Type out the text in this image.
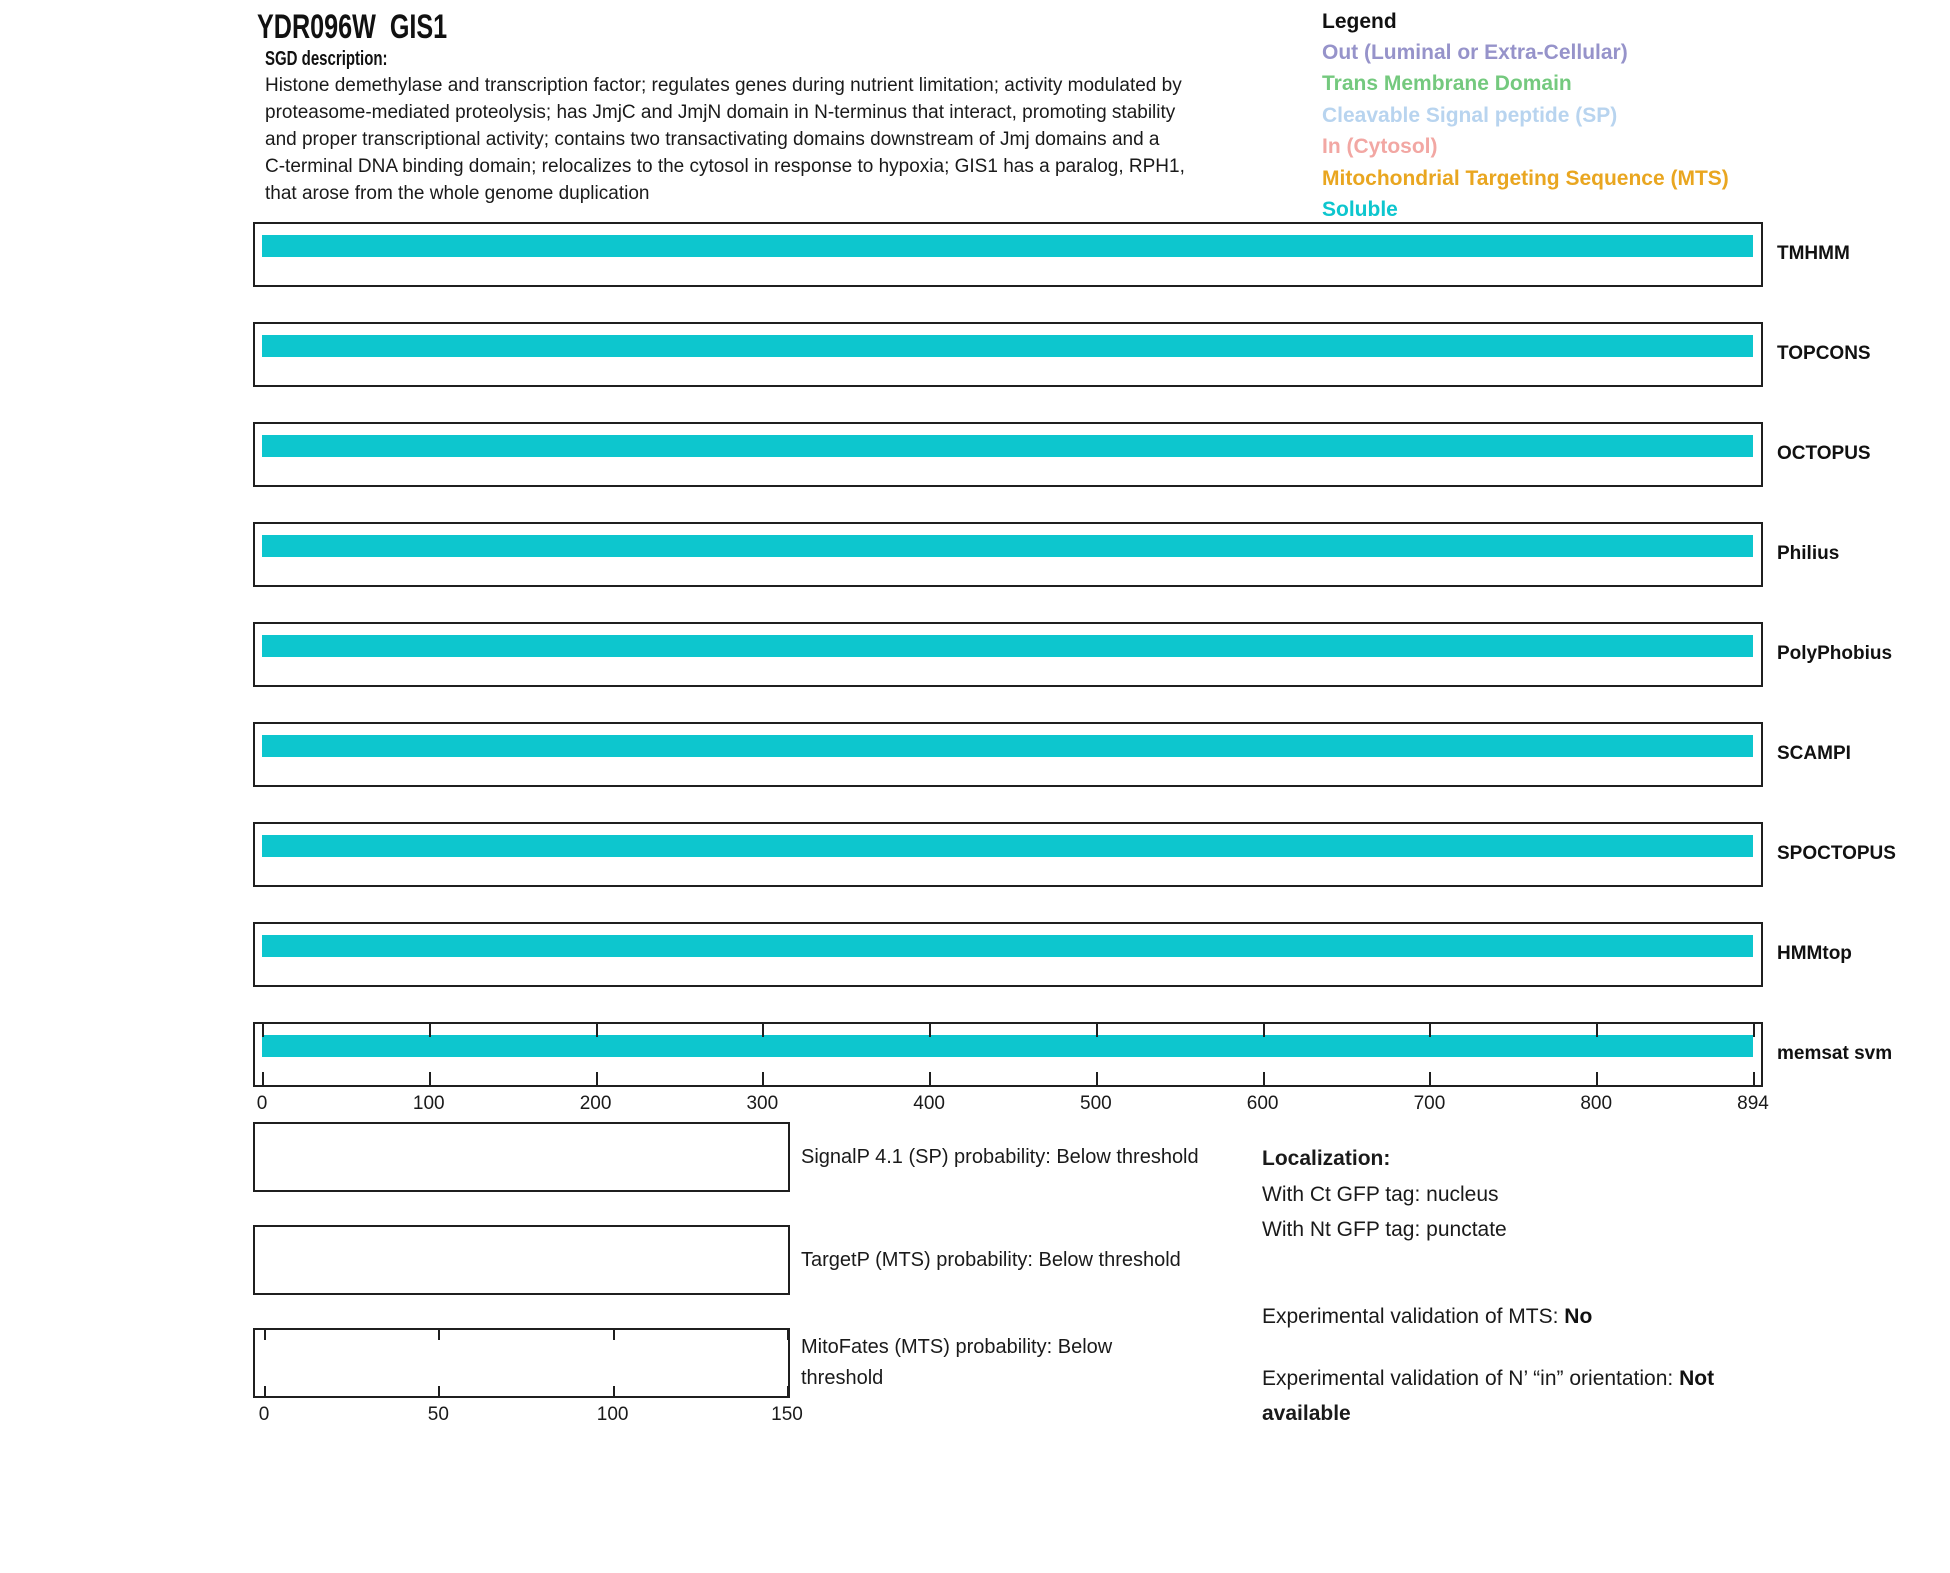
YDR096W  GIS1
SGD description:
Histone demethylase and transcription factor; regulates genes during nutrient limitation; activity modulated by
proteasome-mediated proteolysis; has JmjC and JmjN domain in N-terminus that interact, promoting stability
and proper transcriptional activity; contains two transactivating domains downstream of Jmj domains and a
C-terminal DNA binding domain; relocalizes to the cytosol in response to hypoxia; GIS1 has a paralog, RPH1,
that arose from the whole genome duplication
Legend
Out (Luminal or Extra-Cellular)
Trans Membrane Domain
Cleavable Signal peptide (SP)
In (Cytosol)
Mitochondrial Targeting Sequence (MTS)
Soluble
TMHMM
TOPCONS
OCTOPUS
Philius
PolyPhobius
SCAMPI
SPOCTOPUS
HMMtop
0	100	200	300	400	500	600	700	800	894
memsat svm
SignalP 4.1 (SP) probability: Below threshold
TargetP (MTS) probability: Below threshold
0	50	100	150
MitoFates (MTS) probability: Below
threshold
Localization:
With Ct GFP tag: nucleus
With Nt GFP tag: punctate
Experimental validation of MTS: No
Experimental validation of N’ “in” orientation: Not
available
